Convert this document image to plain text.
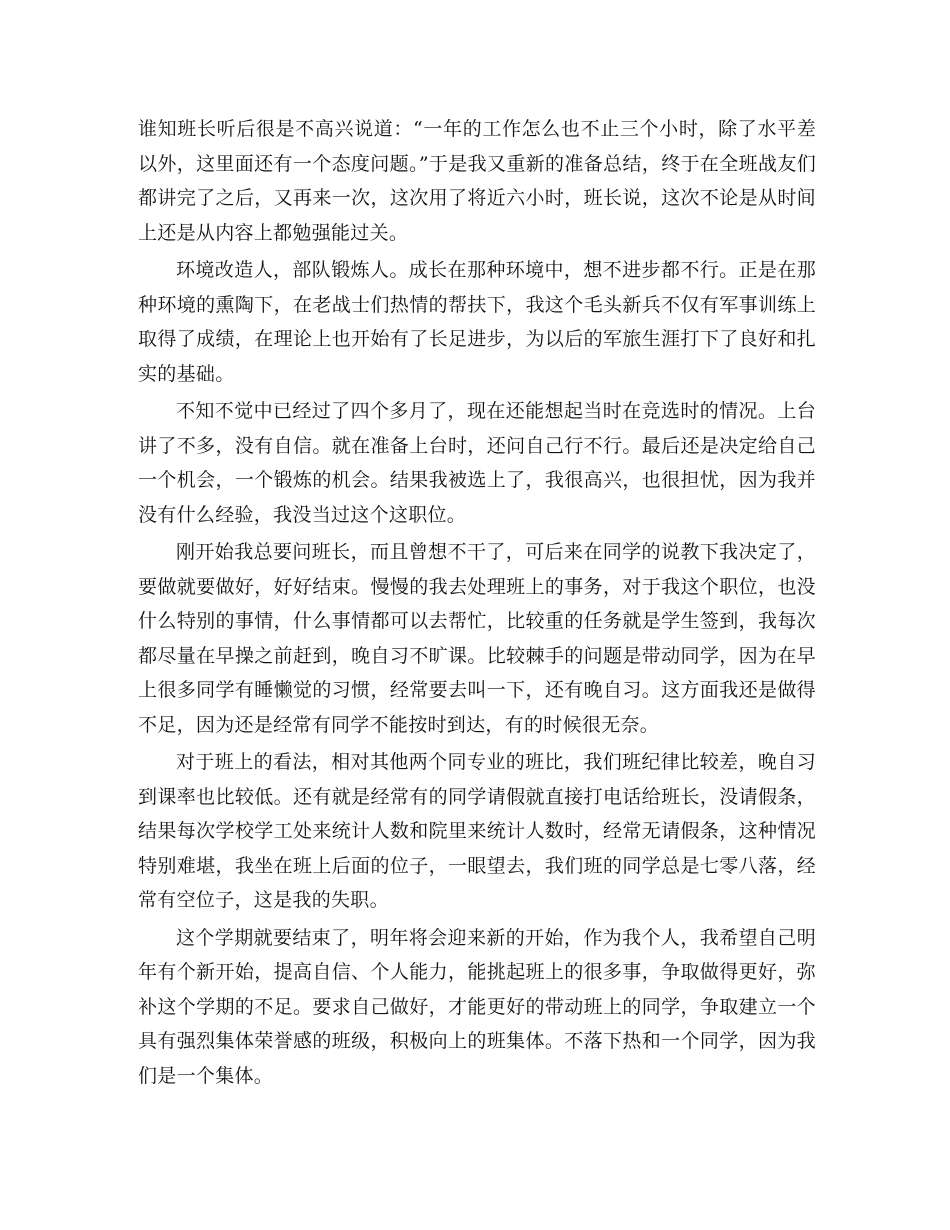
谁知班长听后很是不高兴说道：“一年的工作怎么也不止三个小时，除了水平差以外，这里面还有一个态度问题。”于是我又重新的准备总结，终于在全班战友们都讲完了之后，又再来一次，这次用了将近六小时，班长说，这次不论是从时间上还是从内容上都勉强能过关。

环境改造人，部队锻炼人。成长在那种环境中，想不进步都不行。正是在那种环境的熏陶下，在老战士们热情的帮扶下，我这个毛头新兵不仅有军事训练上取得了成绩，在理论上也开始有了长足进步，为以后的军旅生涯打下了良好和扎实的基础。

不知不觉中已经过了四个多月了，现在还能想起当时在竞选时的情况。上台讲了不多，没有自信。就在准备上台时，还问自己行不行。最后还是决定给自己一个机会，一个锻炼的机会。结果我被选上了，我很高兴，也很担忧，因为我并没有什么经验，我没当过这个这职位。

刚开始我总要问班长，而且曾想不干了，可后来在同学的说教下我决定了，要做就要做好，好好结束。慢慢的我去处理班上的事务，对于我这个职位，也没什么特别的事情，什么事情都可以去帮忙，比较重的任务就是学生签到，我每次都尽量在早操之前赶到，晚自习不旷课。比较棘手的问题是带动同学，因为在早上很多同学有睡懒觉的习惯，经常要去叫一下，还有晚自习。这方面我还是做得不足，因为还是经常有同学不能按时到达，有的时候很无奈。

对于班上的看法，相对其他两个同专业的班比，我们班纪律比较差，晚自习到课率也比较低。还有就是经常有的同学请假就直接打电话给班长，没请假条，结果每次学校学工处来统计人数和院里来统计人数时，经常无请假条，这种情况特别难堪，我坐在班上后面的位子，一眼望去，我们班的同学总是七零八落，经常有空位子，这是我的失职。

这个学期就要结束了，明年将会迎来新的开始，作为我个人，我希望自己明年有个新开始，提高自信、个人能力，能挑起班上的很多事，争取做得更好，弥补这个学期的不足。要求自己做好，才能更好的带动班上的同学，争取建立一个具有强烈集体荣誉感的班级，积极向上的班集体。不落下热和一个同学，因为我们是一个集体。
